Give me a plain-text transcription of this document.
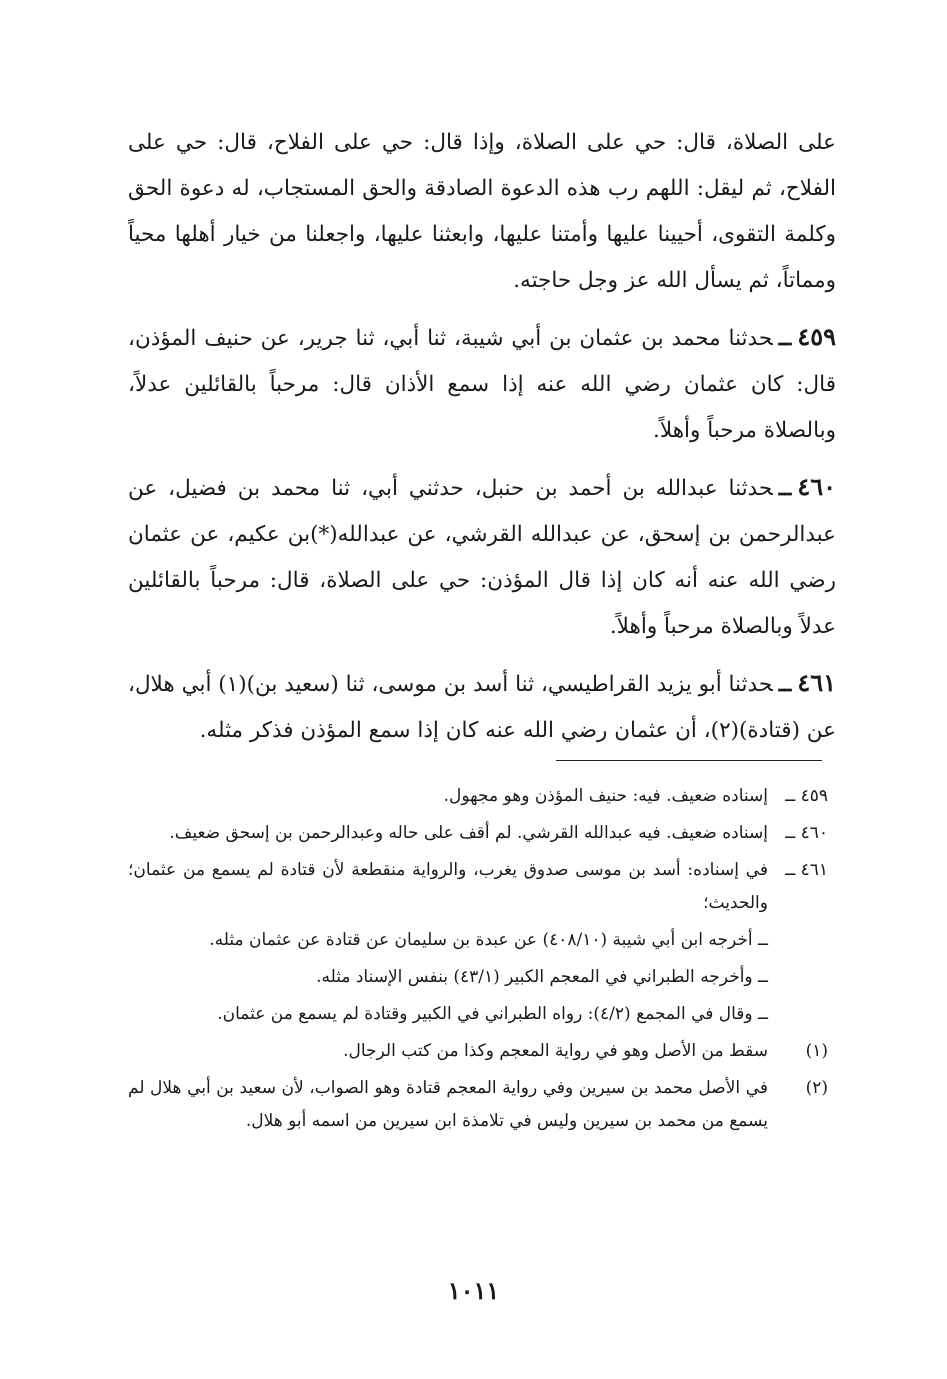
على الصلاة، قال: حي على الصلاة، وإذا قال: حي على الفلاح، قال: حي على الفلاح، ثم ليقل: اللهم رب هذه الدعوة الصادقة والحق المستجاب، له دعوة الحق وكلمة التقوى، أحيينا عليها وأمتنا عليها، وابعثنا عليها، واجعلنا من خيار أهلها محياً ومماتاً، ثم يسأل الله عز وجل حاجته.

٤٥٩ــحدثنا محمد بن عثمان بن أبي شيبة، ثنا أبي، ثنا جرير، عن حنيف المؤذن، قال: كان عثمان رضي الله عنه إذا سمع الأذان قال: مرحباً بالقائلين عدلاً، وبالصلاة مرحباً وأهلاً.

٤٦٠ــحدثنا عبدالله بن أحمد بن حنبل، حدثني أبي، ثنا محمد بن فضيل، عن عبدالرحمن بن إسحق، عن عبدالله القرشي، عن عبدالله(*)بن عكيم، عن عثمان رضي الله عنه أنه كان إذا قال المؤذن: حي على الصلاة، قال: مرحباً بالقائلين عدلاً وبالصلاة مرحباً وأهلاً.

٤٦١ــحدثنا أبو يزيد القراطيسي، ثنا أسد بن موسى، ثنا (سعيد بن)(١) أبي هلال، عن (قتادة)(٢)، أن عثمان رضي الله عنه كان إذا سمع المؤذن فذكر مثله.

٤٥٩ ــ
إسناده ضعيف. فيه: حنيف المؤذن وهو مجهول.
٤٦٠ ــ
إسناده ضعيف. فيه عبدالله القرشي. لم أقف على حاله وعبدالرحمن بن إسحق ضعيف.
٤٦١ ــ
في إسناده: أسد بن موسى صدوق يغرب، والرواية منقطعة لأن قتادة لم يسمع من عثمان؛ والحديث؛
ــ أخرجه ابن أبي شيبة (٤٠٨/١٠) عن عبدة بن سليمان عن قتادة عن عثمان مثله.
ــ وأخرجه الطبراني في المعجم الكبير (٤٣/١) بنفس الإسناد مثله.
ــ وقال في المجمع (٤/٢): رواه الطبراني في الكبير وقتادة لم يسمع من عثمان.
(١)
سقط من الأصل وهو في رواية المعجم وكذا من كتب الرجال.
(٢)
في الأصل محمد بن سيرين وفي رواية المعجم قتادة وهو الصواب، لأن سعيد بن أبي هلال لم يسمع من محمد بن سيرين وليس في تلامذة ابن سيرين من اسمه أبو هلال.
١٠١١
